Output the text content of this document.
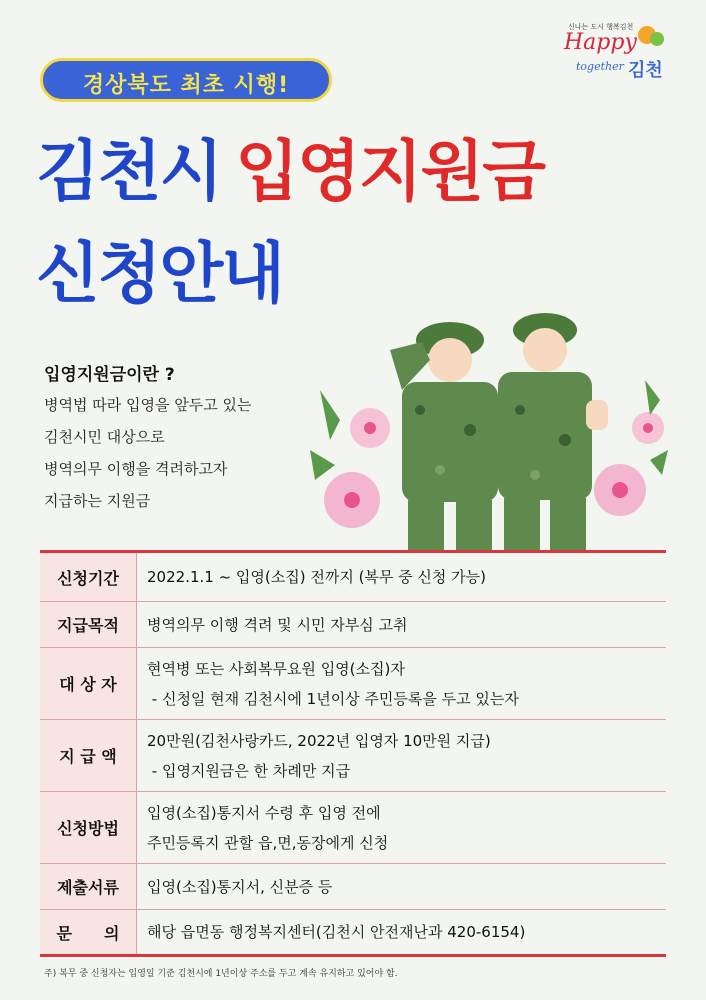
경상북도 최초 시행!
신나는 도시 행복김천
Happy
together 김천
김천시 입영지원금
신청안내
입영지원금이란 ?
병역법 따라 입영을 앞두고 있는
김천시민 대상으로
병역의무 이행을 격려하고자
지급하는 지원금
신청기간	2022.1.1 ~ 입영(소집) 전까지 (복무 중 신청 가능)

지급목적	병역의무 이행 격려 및 시민 자부심 고취

대 상 자	현역병 또는 사회복무요원 입영(소집)자
- 신청일 현재 김천시에 1년이상 주민등록을 두고 있는자

지 급 액	20만원(김천사랑카드, 2022년 입영자 10만원 지급)
- 입영지원금은 한 차례만 지급

신청방법	입영(소집)통지서 수령 후 입영 전에
주민등록지 관할 읍,면,동장에게 신청

제출서류	입영(소집)통지서, 신분증 등

문　　의	해당 읍면동 행정복지센터(김천시 안전재난과 420-6154)
주) 복무 중 신청자는 입영일 기준 김천시에 1년이상 주소를 두고 계속 유지하고 있어야 함.
